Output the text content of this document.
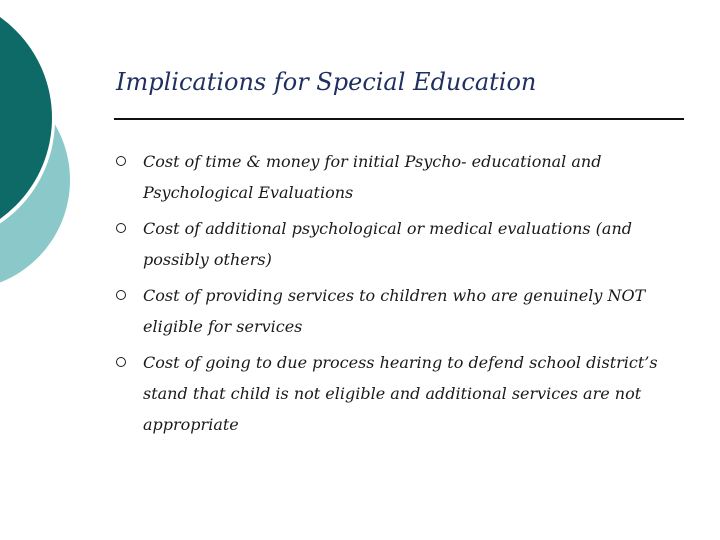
Implications for Special Education
Cost of time & money for initial Psycho- educational and Psychological Evaluations
Cost of additional psychological or medical evaluations (and possibly others)
Cost of providing services to children who are genuinely NOT eligible for services
Cost of going to due process hearing to defend school district’s stand that child is not eligible and additional services are not appropriate
